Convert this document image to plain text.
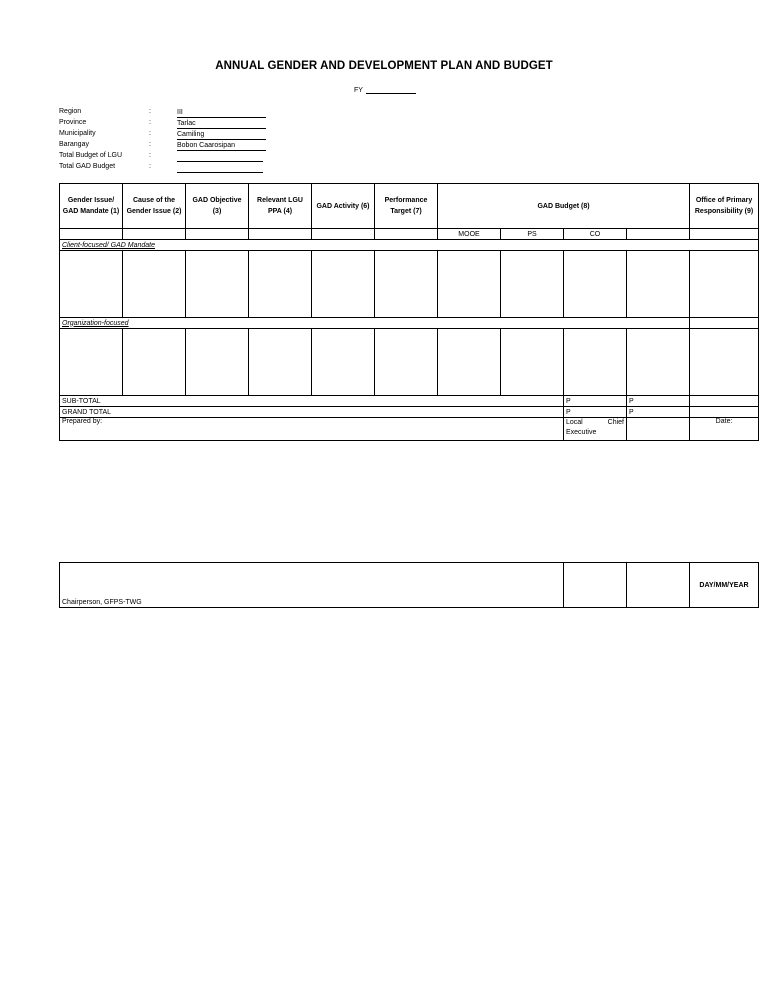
ANNUAL GENDER AND DEVELOPMENT PLAN AND BUDGET
FY
Region	:	III
Province	:	Tarlac
Municipality	:	Camiling
Barangay	:	Bobon Caarosipan
Total Budget of LGU	:
Total GAD Budget	:
Gender Issue/ GAD Mandate (1)	Cause of the Gender Issue (2)	GAD Objective (3)	Relevant LGU PPA (4)	GAD Activity (6)	Performance Target (7)	GAD Budget (8)				Office of Primary Responsibility (9)
						MOOE	PS	CO		
Client-focused/ GAD Mandate										

Organization-focused										

SUB-TOTAL								P	P	
GRAND TOTAL								P	P	
Prepared by:								Local Chief Executive		Date:
Chairperson, GFPS-TWG			DAY/MM/YEAR
